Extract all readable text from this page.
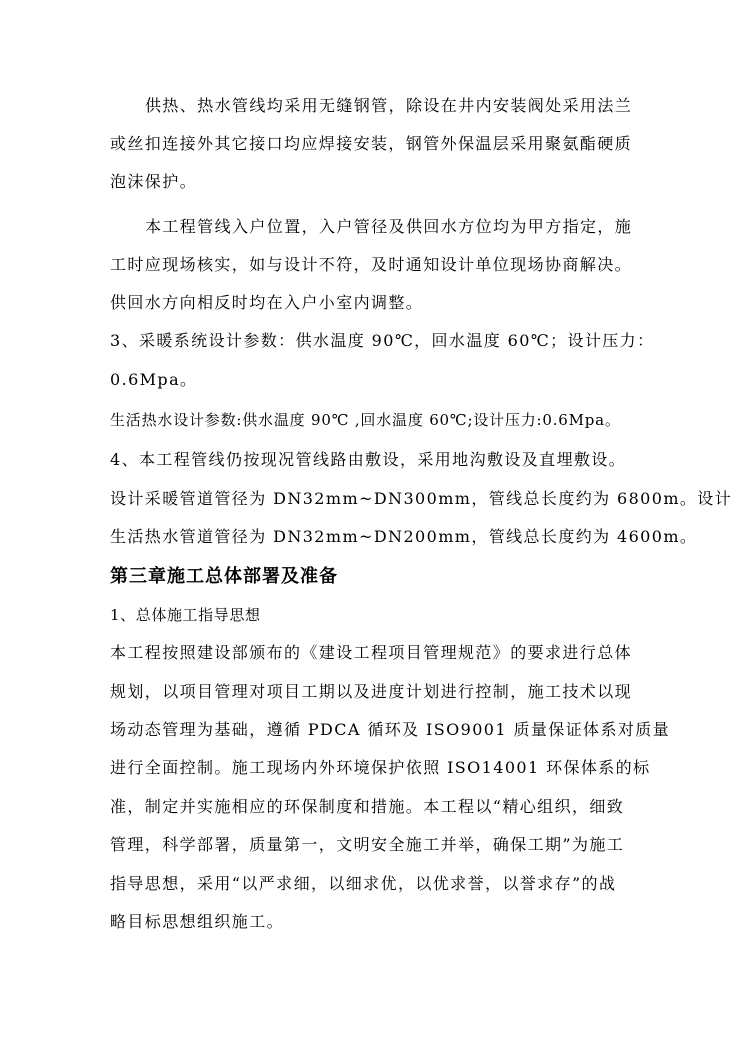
供热、热水管线均采用无缝钢管，除设在井内安装阀处采用法兰
或丝扣连接外其它接口均应焊接安装，钢管外保温层采用聚氨酯硬质
泡沫保护。
本工程管线入户位置，入户管径及供回水方位均为甲方指定，施
工时应现场核实，如与设计不符，及时通知设计单位现场协商解决。
供回水方向相反时均在入户小室内调整。
3、采暖系统设计参数：供水温度 90℃，回水温度 60℃；设计压力：
0.6Mpa。
生活热水设计参数:供水温度 90℃ ,回水温度 60℃;设计压力:0.6Mpa。
4、本工程管线仍按现况管线路由敷设，采用地沟敷设及直埋敷设。
设计采暖管道管径为 DN32mm~DN300mm，管线总长度约为 6800m。设计
生活热水管道管径为 DN32mm~DN200mm，管线总长度约为 4600m。
第三章施工总体部署及准备
1、总体施工指导思想
本工程按照建设部颁布的《建设工程项目管理规范》的要求进行总体
规划，以项目管理对项目工期以及进度计划进行控制，施工技术以现
场动态管理为基础，遵循 PDCA 循环及 ISO9001 质量保证体系对质量
进行全面控制。施工现场内外环境保护依照 ISO14001 环保体系的标
准，制定并实施相应的环保制度和措施。本工程以“精心组织，细致
管理，科学部署，质量第一，文明安全施工并举，确保工期”为施工
指导思想，采用“以严求细，以细求优，以优求誉，以誉求存”的战
略目标思想组织施工。
